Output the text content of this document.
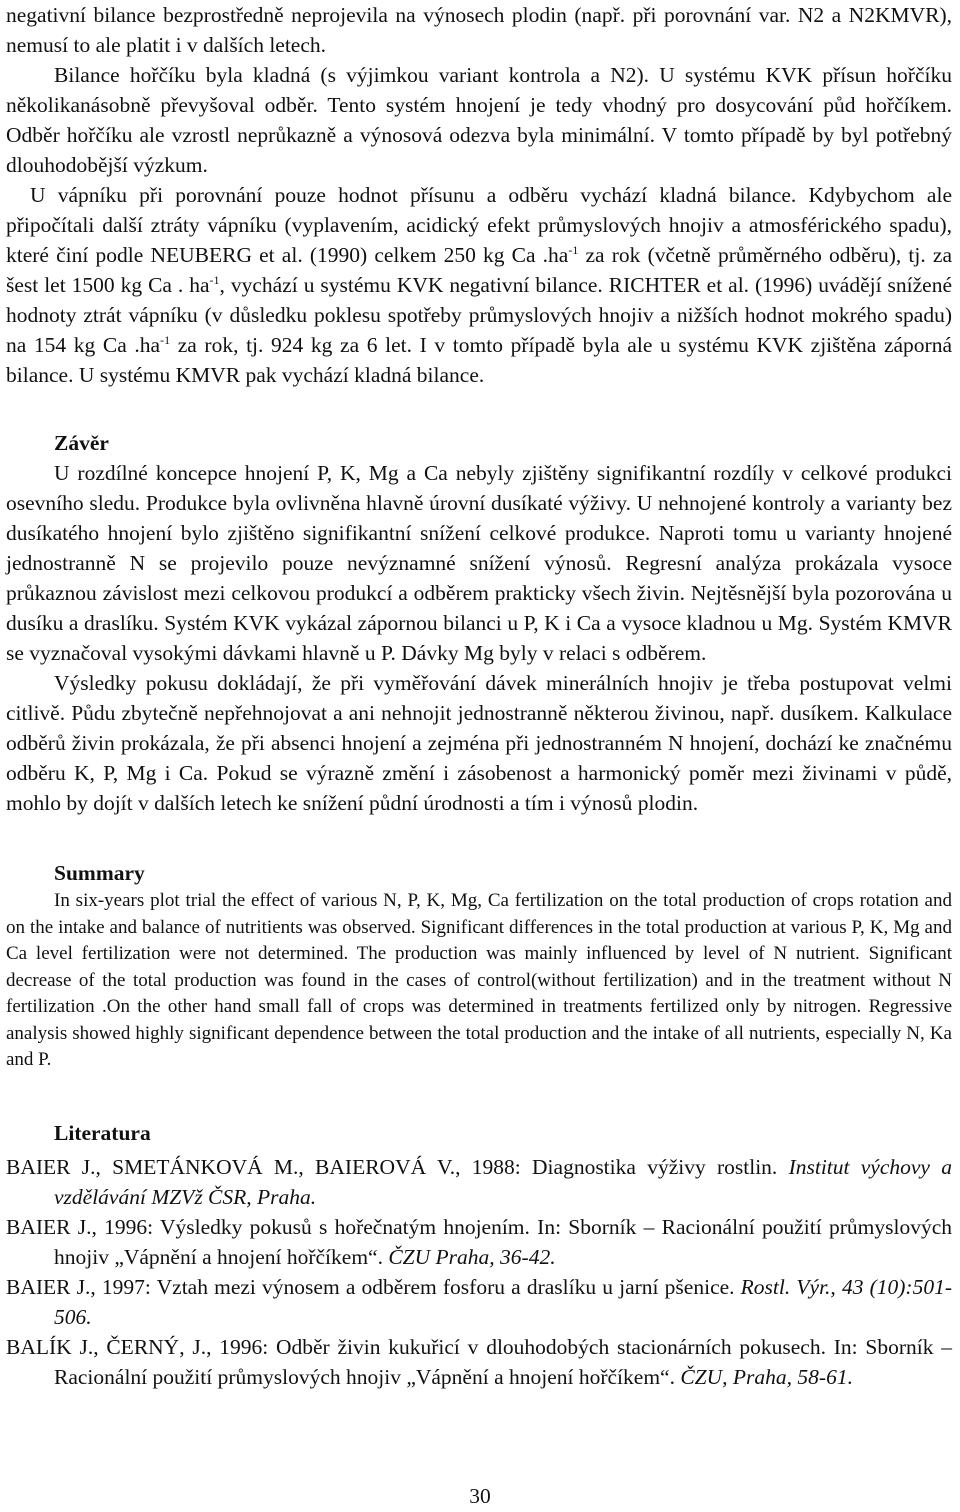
negativní bilance bezprostředně neprojevila na výnosech plodin (např. při porovnání var. N2 a N2KMVR), nemusí to ale platit i v dalších letech.

Bilance hořčíku byla kladná (s výjimkou variant kontrola a N2). U systému KVK přísun hořčíku několikanásobně převyšoval odběr. Tento systém hnojení je tedy vhodný pro dosycování půd hořčíkem. Odběr hořčíku ale vzrostl neprůkazně a výnosová odezva byla minimální. V tomto případě by byl potřebný dlouhodobější výzkum.

U vápníku při porovnání pouze hodnot přísunu a odběru vychází kladná bilance. Kdybychom ale připočítali další ztráty vápníku (vyplavením, acidický efekt průmyslových hnojiv a atmosférického spadu), které činí podle NEUBERG et al. (1990) celkem 250 kg Ca $.ha^{-1}$ za rok (včetně průměrného odběru), tj. za šest let 1500 kg Ca . $ha^{-1}$, vychází u systému KVK negativní bilance. RICHTER et al. (1996) uvádějí snížené hodnoty ztrát vápníku (v důsledku poklesu spotřeby průmyslových hnojiv a nižších hodnot mokrého spadu) na 154 kg Ca $.ha^{-1}$ za rok, tj. 924 kg za 6 let. I v tomto případě byla ale u systému KVK zjištěna záporná bilance. U systému KMVR pak vychází kladná bilance.

Závěr

U rozdílné koncepce hnojení P, K, Mg a Ca nebyly zjištěny signifikantní rozdíly v celkové produkci osevního sledu. Produkce byla ovlivněna hlavně úrovní dusíkaté výživy. U nehnojené kontroly a varianty bez dusíkatého hnojení bylo zjištěno signifikantní snížení celkové produkce. Naproti tomu u varianty hnojené jednostranně N se projevilo pouze nevýznamné snížení výnosů. Regresní analýza prokázala vysoce průkaznou závislost mezi celkovou produkcí a odběrem prakticky všech živin. Nejtěsnější byla pozorována u dusíku a draslíku. Systém KVK vykázal zápornou bilanci u P, K i Ca a vysoce kladnou u Mg. Systém KMVR se vyznačoval vysokými dávkami hlavně u P. Dávky Mg byly v relaci s odběrem.

Výsledky pokusu dokládají, že při vyměřování dávek minerálních hnojiv je třeba postupovat velmi citlivě. Půdu zbytečně nepřehnojovat a ani nehnojit jednostranně některou živinou, např. dusíkem. Kalkulace odběrů živin prokázala, že při absenci hnojení a zejména při jednostranném N hnojení, dochází ke značnému odběru K, P, Mg i Ca. Pokud se výrazně změní i zásobenost a harmonický poměr mezi živinami v půdě, mohlo by dojít v dalších letech ke snížení půdní úrodnosti a tím i výnosů plodin.

Summary

In six-years plot trial the effect of various N, P, K, Mg, Ca fertilization on the total production of crops rotation and on the intake and balance of nutritients was observed. Significant differences in the total production at various P, K, Mg and Ca level fertilization were not determined. The production was mainly influenced by level of N nutrient. Significant decrease of the total production was found in the cases of control(without fertilization) and in the treatment without N fertilization .On the other hand small fall of crops was determined in treatments fertilized only by nitrogen. Regressive analysis showed highly significant dependence between the total production and the intake of all nutrients, especially N, Ka and P.

Literatura

BAIER J., SMETÁNKOVÁ M., BAIEROVÁ V., 1988: Diagnostika výživy rostlin. Institut výchovy a vzdělávání MZVž ČSR, Praha.

BAIER J., 1996: Výsledky pokusů s hořečnatým hnojením. In: Sborník – Racionální použití průmyslových hnojiv „Vápnění a hnojení hořčíkem“. ČZU Praha, 36-42.

BAIER J., 1997: Vztah mezi výnosem a odběrem fosforu a draslíku u jarní pšenice. Rostl. Výr., 43 (10):501-506.

BALÍK J., ČERNÝ, J., 1996: Odběr živin kukuřicí v dlouhodobých stacionárních pokusech. In: Sborník – Racionální použití průmyslových hnojiv „Vápnění a hnojení hořčíkem“. ČZU, Praha, 58-61.

30
